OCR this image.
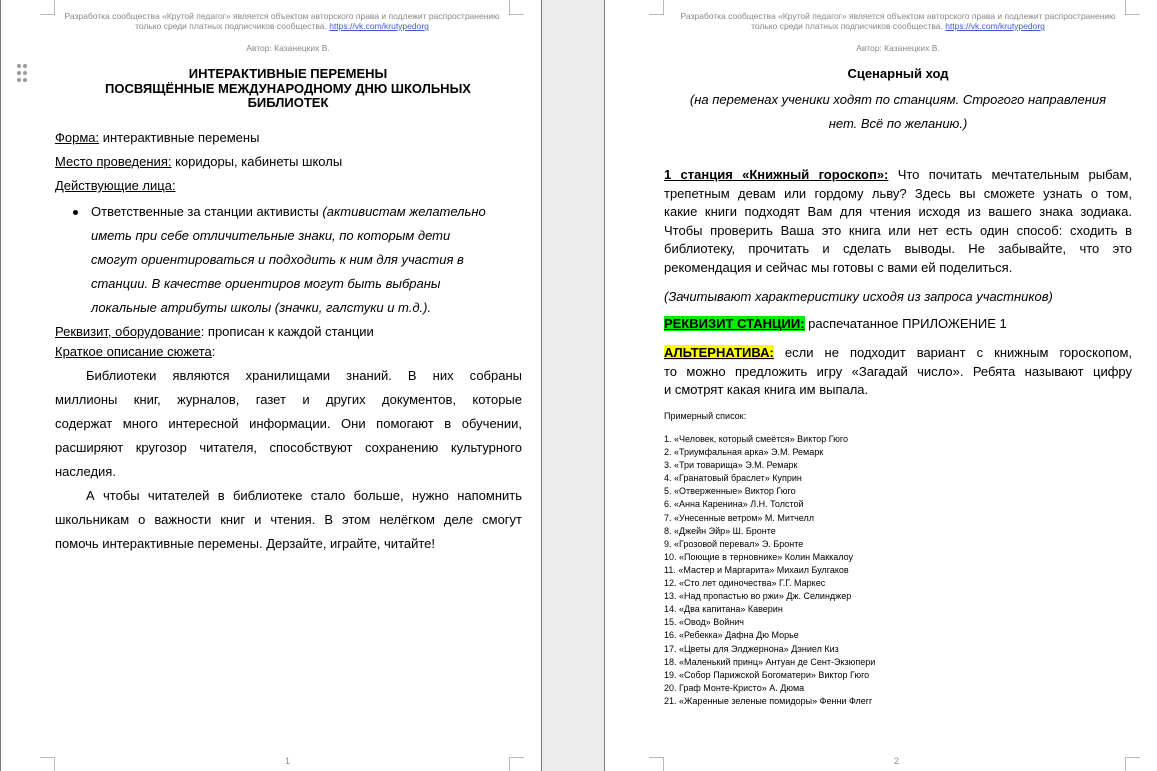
Разработка сообщества «Крутой педагог» является объектом авторского права и подлежит распространению
только среди платных подписчиков сообщества. https://vk.com/krutypedorg
Автор: Казанецких В.
ИНТЕРАКТИВНЫЕ ПЕРЕМЕНЫ
ПОСВЯЩЁННЫЕ МЕЖДУНАРОДНОМУ ДНЮ ШКОЛЬНЫХ
БИБЛИОТЕК
Форма: интерактивные перемены
Место проведения: коридоры, кабинеты школы
Действующие лица:
Ответственные за станции активисты (активистам желательно
иметь при себе отличительные знаки, по которым дети
смогут ориентироваться и подходить к ним для участия в
станции. В качестве ориентиров могут быть выбраны
локальные атрибуты школы (значки, галстуки и т.д.).
Реквизит, оборудование: прописан к каждой станции
Краткое описание сюжета:
Библиотеки являются хранилищами знаний. В них собраны
миллионы книг, журналов, газет и других документов, которые
содержат много интересной информации. Они помогают в обучении,
расширяют кругозор читателя, способствуют сохранению культурного
наследия.
А чтобы читателей в библиотеке стало больше, нужно напомнить
школьникам о важности книг и чтения. В этом нелёгком деле смогут
помочь интерактивные перемены. Дерзайте, играйте, читайте!
1
Разработка сообщества «Крутой педагог» является объектом авторского права и подлежит распространению
только среди платных подписчиков сообщества. https://vk.com/krutypedorg
Автор: Казанецких В.
Сценарный ход
(на переменах ученики ходят по станциям. Строгого направления
нет. Всё по желанию.)
1 станция «Книжный гороскоп»: Что почитать мечтательным рыбам,
трепетным девам или гордому льву? Здесь вы сможете узнать о том,
какие книги подходят Вам для чтения исходя из вашего знака зодиака.
Чтобы проверить Ваша это книга или нет есть один способ: сходить в
библиотеку, прочитать и сделать выводы. Не забывайте, что это
рекомендация и сейчас мы готовы с вами ей поделиться.
(Зачитывают характеристику исходя из запроса участников)
РЕКВИЗИТ СТАНЦИИ: распечатанное ПРИЛОЖЕНИЕ 1
АЛЬТЕРНАТИВА: если не подходит вариант с книжным гороскопом,
то можно предложить игру «Загадай число». Ребята называют цифру
и смотрят какая книга им выпала.
Примерный список:
1. «Человек, который смеётся» Виктор Гюго
2. «Триумфальная арка» Э.М. Ремарк
3. «Три товарища» Э.М. Ремарк
4. «Гранатовый браслет» Куприн
5. «Отверженные» Виктор Гюго
6. «Анна Каренина» Л.Н. Толстой
7. «Унесенные ветром» М. Митчелл
8. «Джейн Эйр» Ш. Бронте
9. «Грозовой перевал» Э. Бронте
10. «Поющие в терновнике» Колин Маккалоу
11. «Мастер и Маргарита» Михаил Булгаков
12. «Сто лет одиночества» Г.Г. Маркес
13. «Над пропастью во ржи» Дж. Селинджер
14. «Два капитана» Каверин
15. «Овод» Войнич
16. «Ребекка» Дафна Дю Морье
17. «Цветы для Элджернона» Дэниел Киз
18. «Маленький принц» Антуан де Сент-Экзюпери
19. «Собор Парижской Богоматери» Виктор Гюго
20. Граф Монте-Кристо» А. Дюма
21. «Жаренные зеленые помидоры» Фенни Флегг
2
